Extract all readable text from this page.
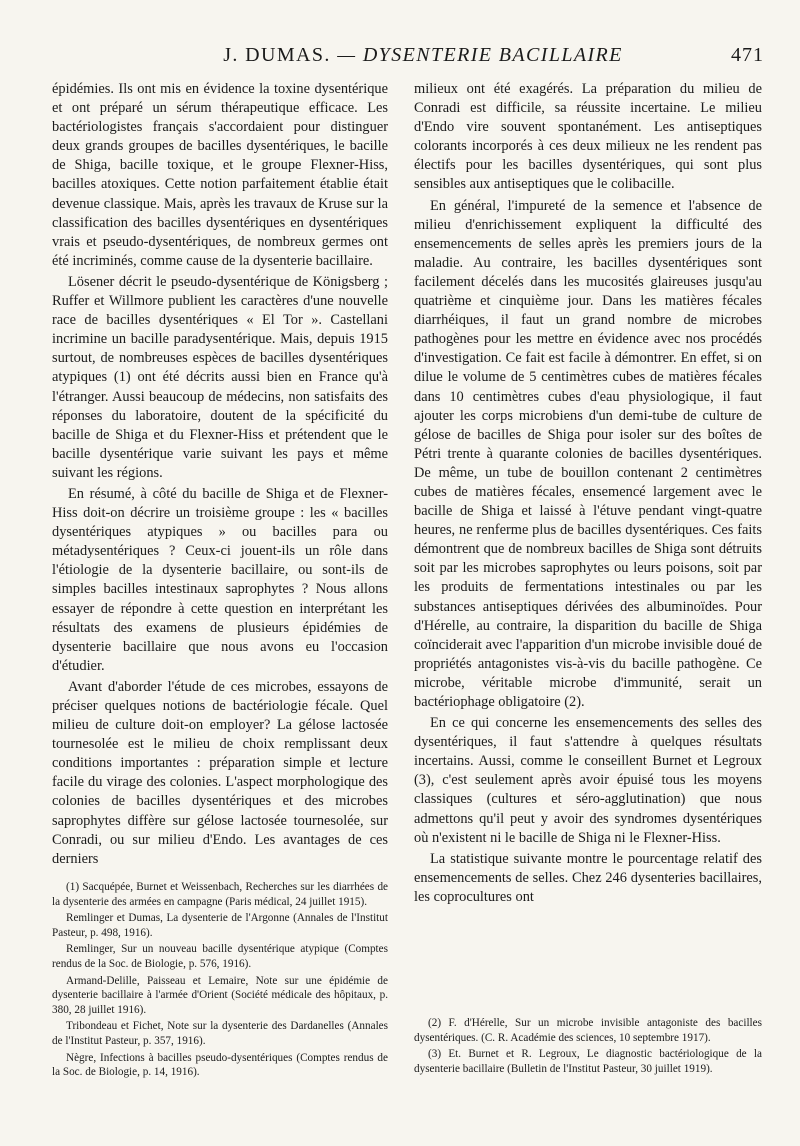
J. DUMAS. — DYSENTERIE BACILLAIRE	471

épidémies. Ils ont mis en évidence la toxine dysentérique et ont préparé un sérum thérapeutique efficace. Les bactériologistes français s'accordaient pour distinguer deux grands groupes de bacilles dysentériques, le bacille de Shiga, bacille toxique, et le groupe Flexner-Hiss, bacilles atoxiques. Cette notion parfaitement établie était devenue classique. Mais, après les travaux de Kruse sur la classification des bacilles dysentériques en dysentériques vrais et pseudo-dysentériques, de nombreux germes ont été incriminés, comme cause de la dysenterie bacillaire.

Lösener décrit le pseudo-dysentérique de Königsberg ; Ruffer et Willmore publient les caractères d'une nouvelle race de bacilles dysentériques « El Tor ». Castellani incrimine un bacille paradysentérique. Mais, depuis 1915 surtout, de nombreuses espèces de bacilles dysentériques atypiques (1) ont été décrits aussi bien en France qu'à l'étranger. Aussi beaucoup de médecins, non satisfaits des réponses du laboratoire, doutent de la spécificité du bacille de Shiga et du Flexner-Hiss et prétendent que le bacille dysentérique varie suivant les pays et même suivant les régions.

En résumé, à côté du bacille de Shiga et de Flexner-Hiss doit-on décrire un troisième groupe : les « bacilles dysentériques atypiques » ou bacilles para ou métadysentériques ? Ceux-ci jouent-ils un rôle dans l'étiologie de la dysenterie bacillaire, ou sont-ils de simples bacilles intestinaux saprophytes ? Nous allons essayer de répondre à cette question en interprétant les résultats des examens de plusieurs épidémies de dysenterie bacillaire que nous avons eu l'occasion d'étudier.

Avant d'aborder l'étude de ces microbes, essayons de préciser quelques notions de bactériologie fécale. Quel milieu de culture doit-on employer? La gélose lactosée tournesolée est le milieu de choix remplissant deux conditions importantes : préparation simple et lecture facile du virage des colonies. L'aspect morphologique des colonies de bacilles dysentériques et des microbes saprophytes diffère sur gélose lactosée tournesolée, sur Conradi, ou sur milieu d'Endo. Les avantages de ces derniers

(1) Sacquépée, Burnet et Weissenbach, Recherches sur les diarrhées de la dysenterie des armées en campagne (Paris médical, 24 juillet 1915).

Remlinger et Dumas, La dysenterie de l'Argonne (Annales de l'Institut Pasteur, p. 498, 1916).

Remlinger, Sur un nouveau bacille dysentérique atypique (Comptes rendus de la Soc. de Biologie, p. 576, 1916).

Armand-Delille, Paisseau et Lemaire, Note sur une épidémie de dysenterie bacillaire à l'armée d'Orient (Société médicale des hôpitaux, p. 380, 28 juillet 1916).

Tribondeau et Fichet, Note sur la dysenterie des Dardanelles (Annales de l'Institut Pasteur, p. 357, 1916).

Nègre, Infections à bacilles pseudo-dysentériques (Comptes rendus de la Soc. de Biologie, p. 14, 1916).

milieux ont été exagérés. La préparation du milieu de Conradi est difficile, sa réussite incertaine. Le milieu d'Endo vire souvent spontanément. Les antiseptiques colorants incorporés à ces deux milieux ne les rendent pas électifs pour les bacilles dysentériques, qui sont plus sensibles aux antiseptiques que le colibacille.

En général, l'impureté de la semence et l'absence de milieu d'enrichissement expliquent la difficulté des ensemencements de selles après les premiers jours de la maladie. Au contraire, les bacilles dysentériques sont facilement décelés dans les mucosités glaireuses jusqu'au quatrième et cinquième jour. Dans les matières fécales diarrhéiques, il faut un grand nombre de microbes pathogènes pour les mettre en évidence avec nos procédés d'investigation. Ce fait est facile à démontrer. En effet, si on dilue le volume de 5 centimètres cubes de matières fécales dans 10 centimètres cubes d'eau physiologique, il faut ajouter les corps microbiens d'un demi-tube de culture de gélose de bacilles de Shiga pour isoler sur des boîtes de Pétri trente à quarante colonies de bacilles dysentériques. De même, un tube de bouillon contenant 2 centimètres cubes de matières fécales, ensemencé largement avec le bacille de Shiga et laissé à l'étuve pendant vingt-quatre heures, ne renferme plus de bacilles dysentériques. Ces faits démontrent que de nombreux bacilles de Shiga sont détruits soit par les microbes saprophytes ou leurs poisons, soit par les produits de fermentations intestinales ou par les substances antiseptiques dérivées des albuminoïdes. Pour d'Hérelle, au contraire, la disparition du bacille de Shiga coïnciderait avec l'apparition d'un microbe invisible doué de propriétés antagonistes vis-à-vis du bacille pathogène. Ce microbe, véritable microbe d'immunité, serait un bactériophage obligatoire (2).

En ce qui concerne les ensemencements des selles des dysentériques, il faut s'attendre à quelques résultats incertains. Aussi, comme le conseillent Burnet et Legroux (3), c'est seulement après avoir épuisé tous les moyens classiques (cultures et séro-agglutination) que nous admettons qu'il peut y avoir des syndromes dysentériques où n'existent ni le bacille de Shiga ni le Flexner-Hiss.

La statistique suivante montre le pourcentage relatif des ensemencements de selles. Chez 246 dysenteries bacillaires, les coprocultures ont

(2) F. d'Hérelle, Sur un microbe invisible antagoniste des bacilles dysentériques. (C. R. Académie des sciences, 10 septembre 1917).

(3) Et. Burnet et R. Legroux, Le diagnostic bactériologique de la dysenterie bacillaire (Bulletin de l'Institut Pasteur, 30 juillet 1919).
